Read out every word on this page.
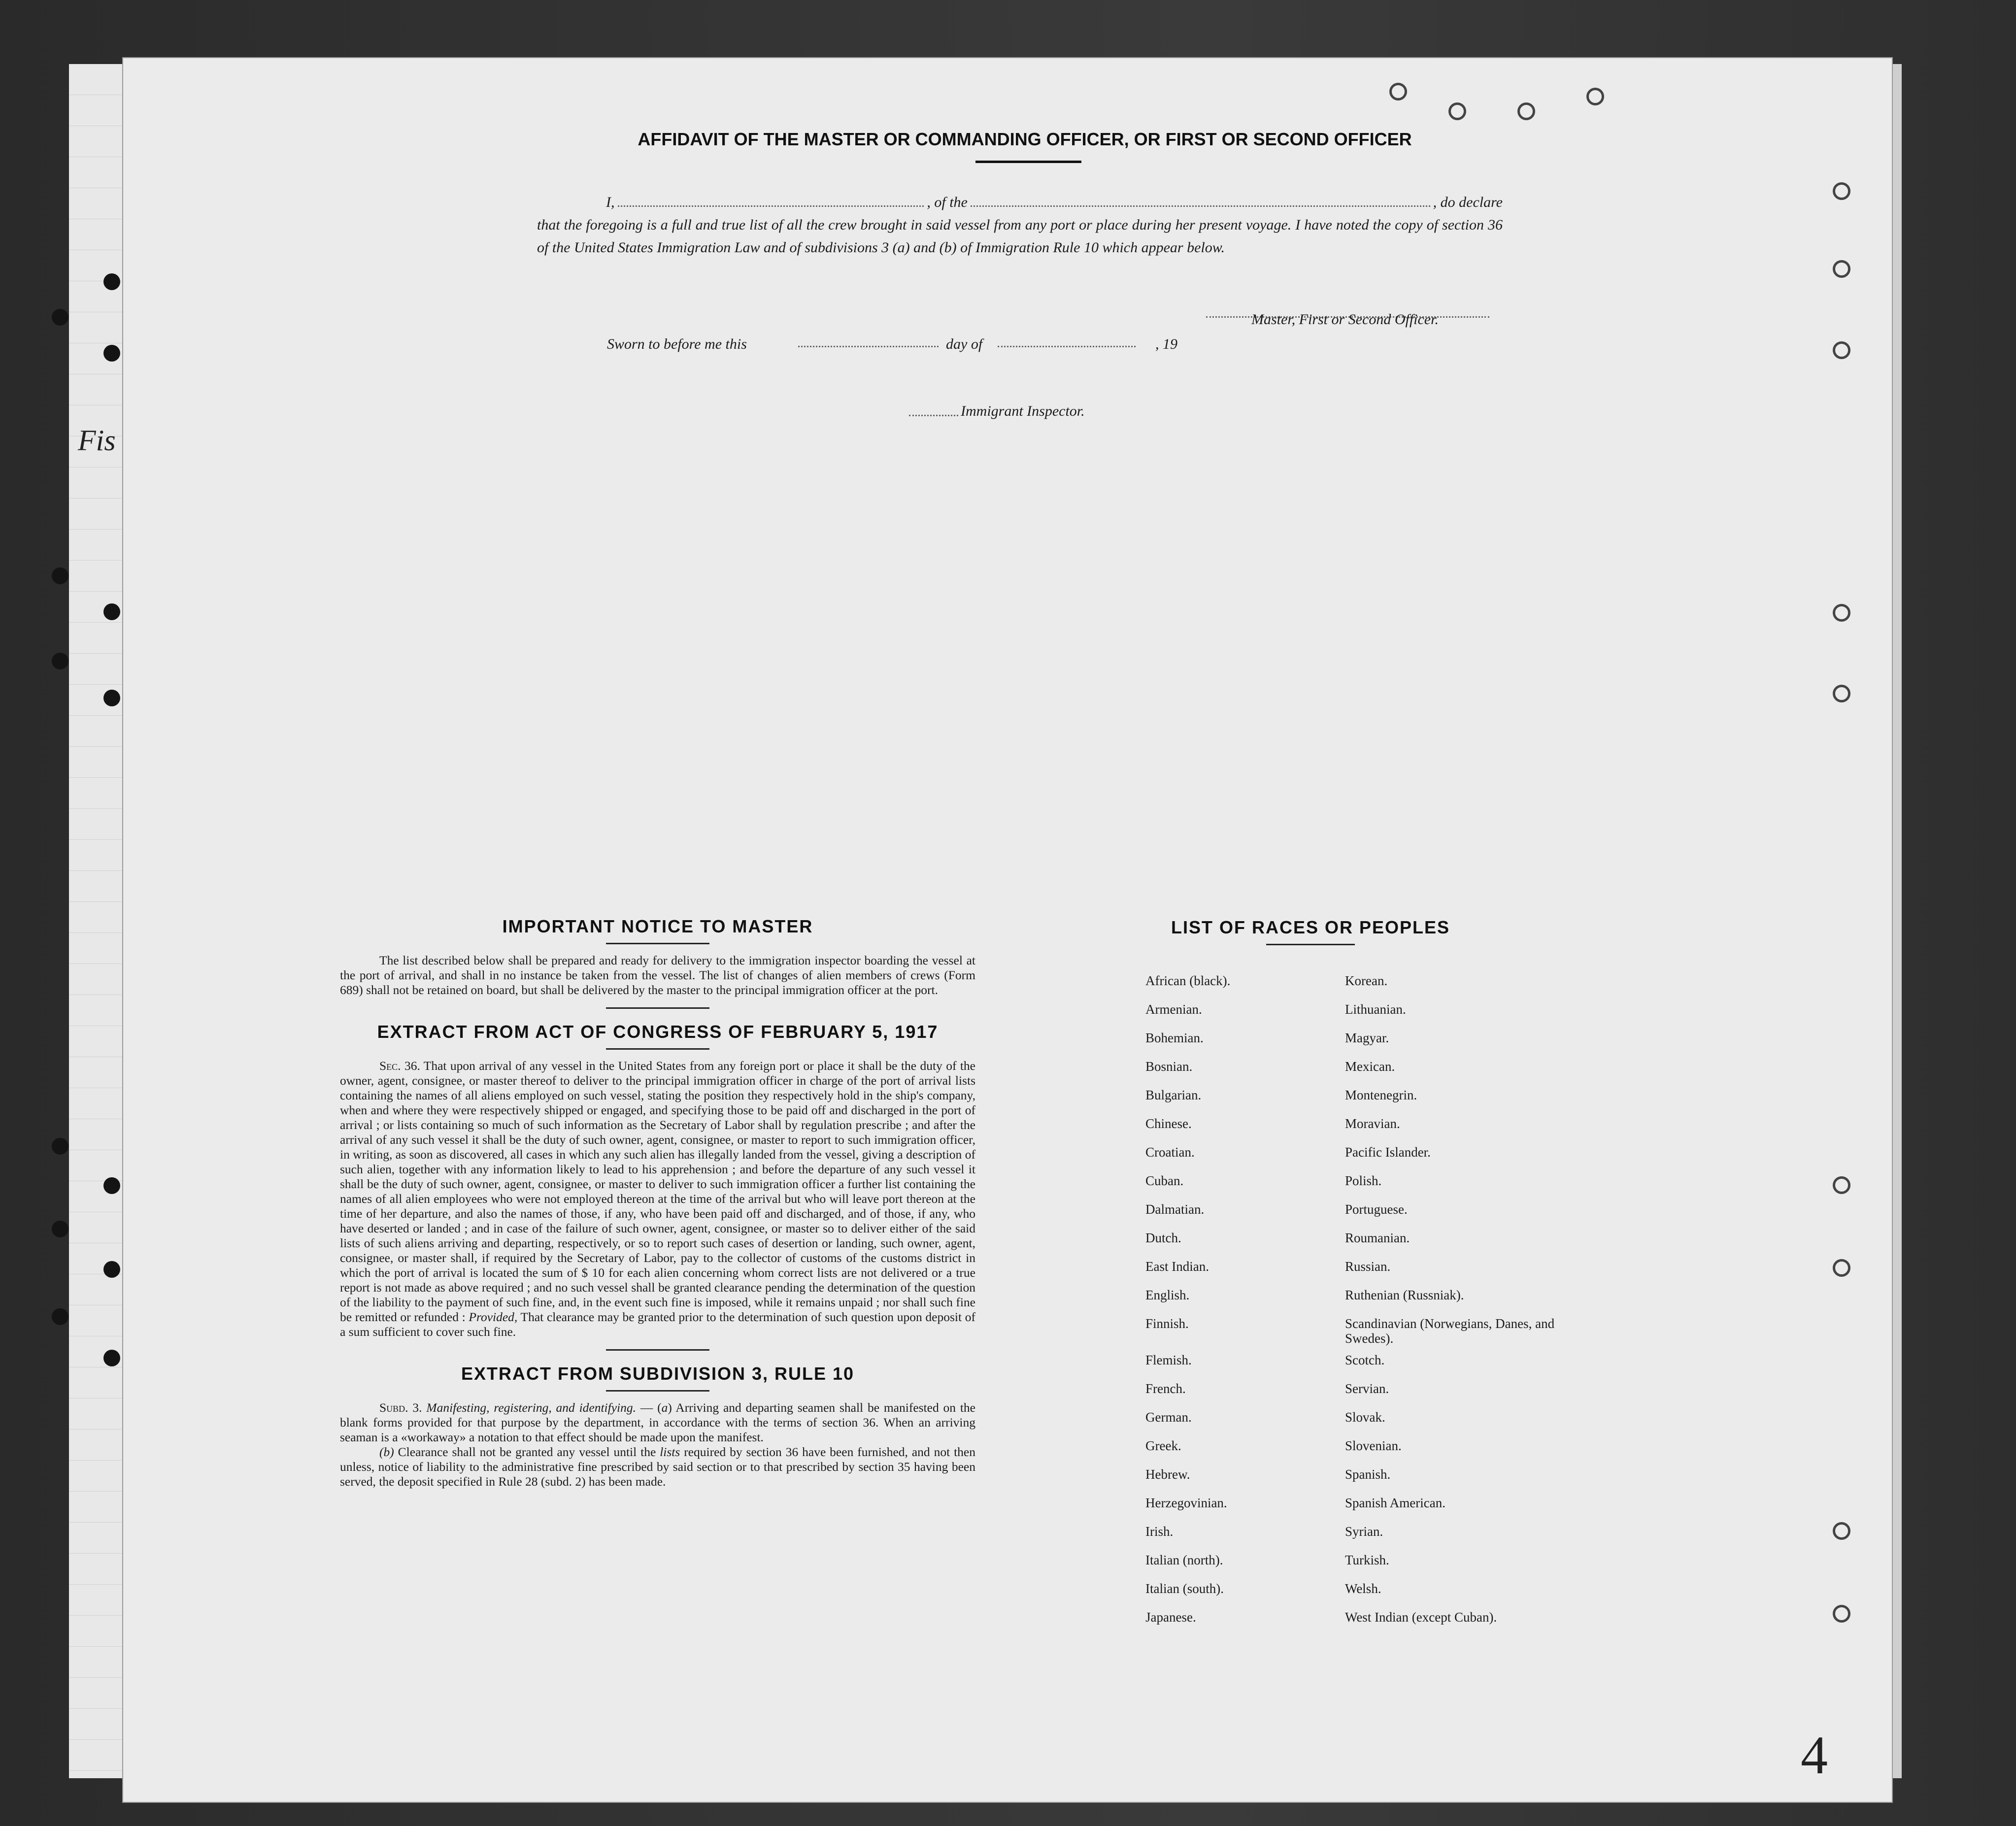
Fis
4
AFFIDAVIT OF THE MASTER OR COMMANDING OFFICER, OR FIRST OR SECOND OFFICER
I,	, of the	, do declare
that the foregoing is a full and true list of all the crew brought in said vessel from any port or place during her present voyage. I have noted the copy of section 36 of the United States Immigration Law and of subdivisions 3 (a) and (b) of Immigration Rule 10 which appear below.
Master, First or Second Officer.
Sworn to before me this	day of	, 19
Immigrant Inspector.
IMPORTANT NOTICE TO MASTER

The list described below shall be prepared and ready for delivery to the immigration inspector boarding the vessel at the port of arrival, and shall in no instance be taken from the vessel. The list of changes of alien members of crews (Form 689) shall not be retained on board, but shall be delivered by the master to the principal immigration officer at the port.

EXTRACT FROM ACT OF CONGRESS OF FEBRUARY 5, 1917

Sec. 36. That upon arrival of any vessel in the United States from any foreign port or place it shall be the duty of the owner, agent, consignee, or master thereof to deliver to the principal immigration officer in charge of the port of arrival lists containing the names of all aliens employed on such vessel, stating the position they respectively hold in the ship's company, when and where they were respectively shipped or engaged, and specifying those to be paid off and discharged in the port of arrival ; or lists containing so much of such information as the Secretary of Labor shall by regulation prescribe ; and after the arrival of any such vessel it shall be the duty of such owner, agent, consignee, or master to report to such immigration officer, in writing, as soon as discovered, all cases in which any such alien has illegally landed from the vessel, giving a description of such alien, together with any information likely to lead to his apprehension ; and before the departure of any such vessel it shall be the duty of such owner, agent, consignee, or master to deliver to such immigration officer a further list containing the names of all alien employees who were not employed thereon at the time of the arrival but who will leave port thereon at the time of her departure, and also the names of those, if any, who have been paid off and discharged, and of those, if any, who have deserted or landed ; and in case of the failure of such owner, agent, consignee, or master so to deliver either of the said lists of such aliens arriving and departing, respectively, or so to report such cases of desertion or landing, such owner, agent, consignee, or master shall, if required by the Secretary of Labor, pay to the collector of customs of the customs district in which the port of arrival is located the sum of $ 10 for each alien concerning whom correct lists are not delivered or a true report is not made as above required ; and no such vessel shall be granted clearance pending the determination of the question of the liability to the payment of such fine, and, in the event such fine is imposed, while it remains unpaid ; nor shall such fine be remitted or refunded : Provided, That clearance may be granted prior to the determination of such question upon deposit of a sum sufficient to cover such fine.

EXTRACT FROM SUBDIVISION 3, RULE 10

Subd. 3. Manifesting, registering, and identifying. — (a) Arriving and departing seamen shall be manifested on the blank forms provided for that purpose by the department, in accordance with the terms of section 36. When an arriving seaman is a «workaway» a notation to that effect should be made upon the manifest.

(b) Clearance shall not be granted any vessel until the lists required by section 36 have been furnished, and not then unless, notice of liability to the administrative fine prescribed by said section or to that prescribed by section 35 having been served, the deposit specified in Rule 28 (subd. 2) has been made.

LIST OF RACES OR PEOPLES
African (black).	Korean.
Armenian.	Lithuanian.
Bohemian.	Magyar.
Bosnian.	Mexican.
Bulgarian.	Montenegrin.
Chinese.	Moravian.
Croatian.	Pacific Islander.
Cuban.	Polish.
Dalmatian.	Portuguese.
Dutch.	Roumanian.
East Indian.	Russian.
English.	Ruthenian (Russniak).
Finnish.	Scandinavian (Norwegians, Danes, and Swedes).
Flemish.	Scotch.
French.	Servian.
German.	Slovak.
Greek.	Slovenian.
Hebrew.	Spanish.
Herzegovinian.	Spanish American.
Irish.	Syrian.
Italian (north).	Turkish.
Italian (south).	Welsh.
Japanese.	West Indian (except Cuban).
